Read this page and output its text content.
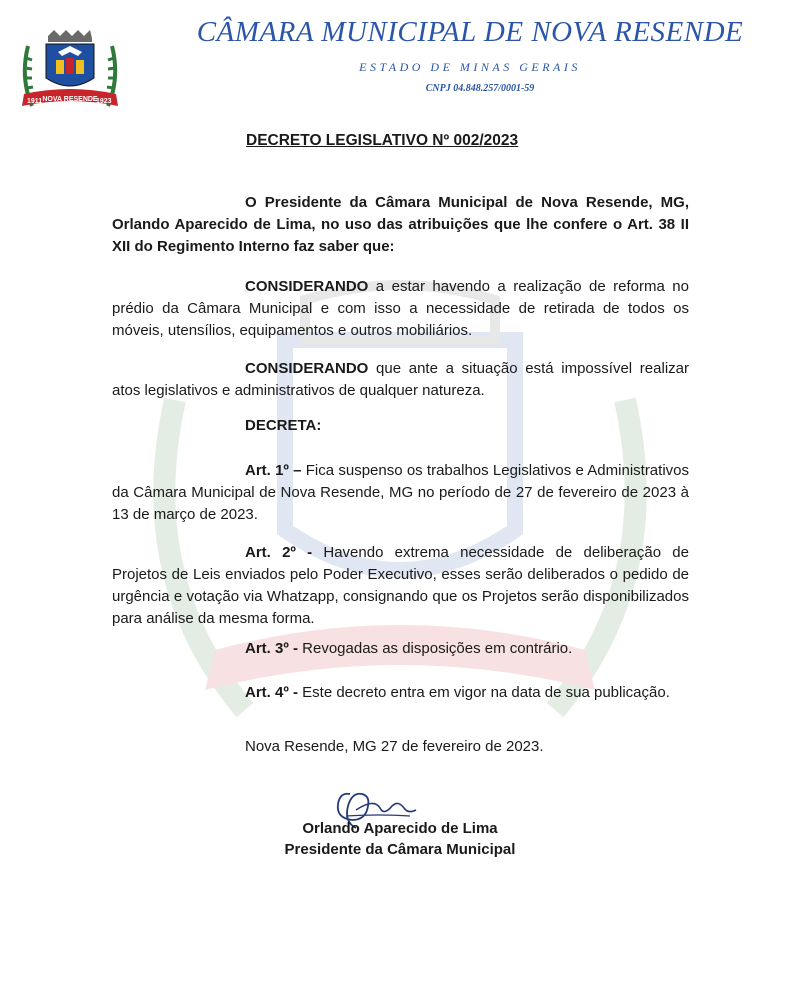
1911 NOVA RESENDE
1923
CÂMARA MUNICIPAL DE NOVA RESENDE
ESTADO DE MINAS GERAIS
CNPJ 04.848.257/0001-59
DECRETO LEGISLATIVO Nº 002/2023

O Presidente da Câmara Municipal de Nova Resende, MG, Orlando Aparecido de Lima, no uso das atribuições que lhe confere o Art. 38 II XII do Regimento Interno faz saber que:

CONSIDERANDO a estar havendo a realização de reforma no prédio da Câmara Municipal e com isso a necessidade de retirada de todos os móveis, utensílios, equipamentos e outros mobiliários.

CONSIDERANDO que ante a situação está impossível realizar atos legislativos e administrativos de qualquer natureza.

DECRETA:

Art. 1º – Fica suspenso os trabalhos Legislativos e Administrativos da Câmara Municipal de Nova Resende, MG no período de 27 de fevereiro de 2023 à 13 de março de 2023.

Art. 2º - Havendo extrema necessidade de deliberação de Projetos de Leis enviados pelo Poder Executivo, esses serão deliberados o pedido de urgência e votação via Whatzapp, consignando que os Projetos serão disponibilizados para análise da mesma forma.

Art. 3º - Revogadas as disposições em contrário.

Art. 4º - Este decreto entra em vigor na data de sua publicação.

Nova Resende, MG 27 de fevereiro de 2023.
Orlando Aparecido de Lima
Presidente da Câmara Municipal
